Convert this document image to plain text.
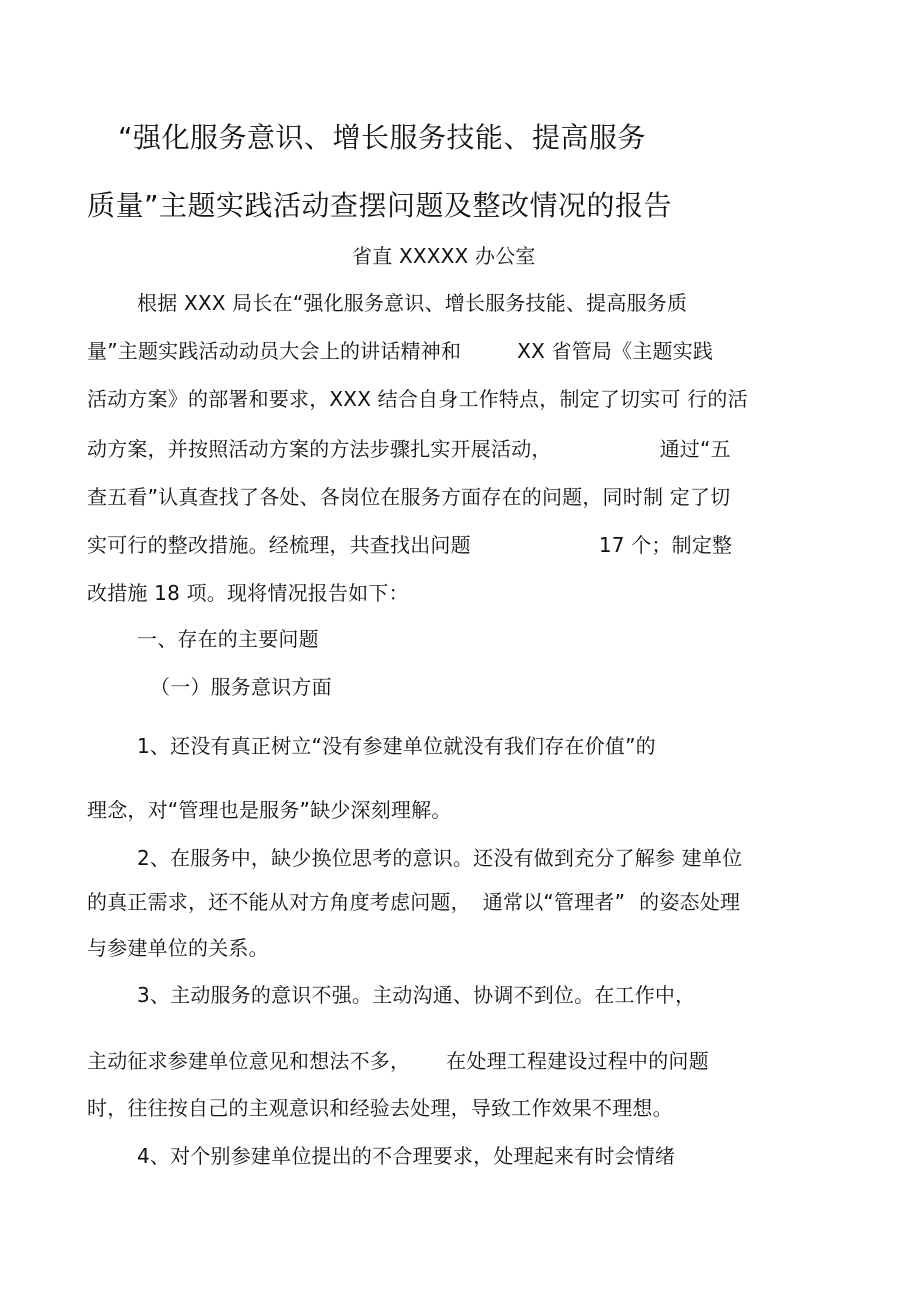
“强化服务意识、增长服务技能、提高服务
质量”主题实践活动查摆问题及整改情况的报告
省直 XXXXX 办公室
根据 XXX 局长在“强化服务意识、增长服务技能、提高服务质
量”主题实践活动动员大会上的讲话精神和	XX 省管局《主题实践
活动方案》的部署和要求，XXX 结合自身工作特点，制定了切实可 行的活
动方案，并按照活动方案的方法步骤扎实开展活动，	通过“五
查五看”认真查找了各处、各岗位在服务方面存在的问题，同时制 定了切
实可行的整改措施。经梳理，共查找出问题	17 个；制定整
改措施 18 项。现将情况报告如下：
一、存在的主要问题
（一）服务意识方面
1、还没有真正树立“没有参建单位就没有我们存在价值”的
理念，对“管理也是服务”缺少深刻理解。
2、在服务中，缺少换位思考的意识。还没有做到充分了解参 建单位
的真正需求，还不能从对方角度考虑问题， 通常以“管理者” 的姿态处理
与参建单位的关系。
3、主动服务的意识不强。主动沟通、协调不到位。在工作中，
主动征求参建单位意见和想法不多， 在处理工程建设过程中的问题
时，往往按自己的主观意识和经验去处理，导致工作效果不理想。
4、对个别参建单位提出的不合理要求，处理起来有时会情绪
